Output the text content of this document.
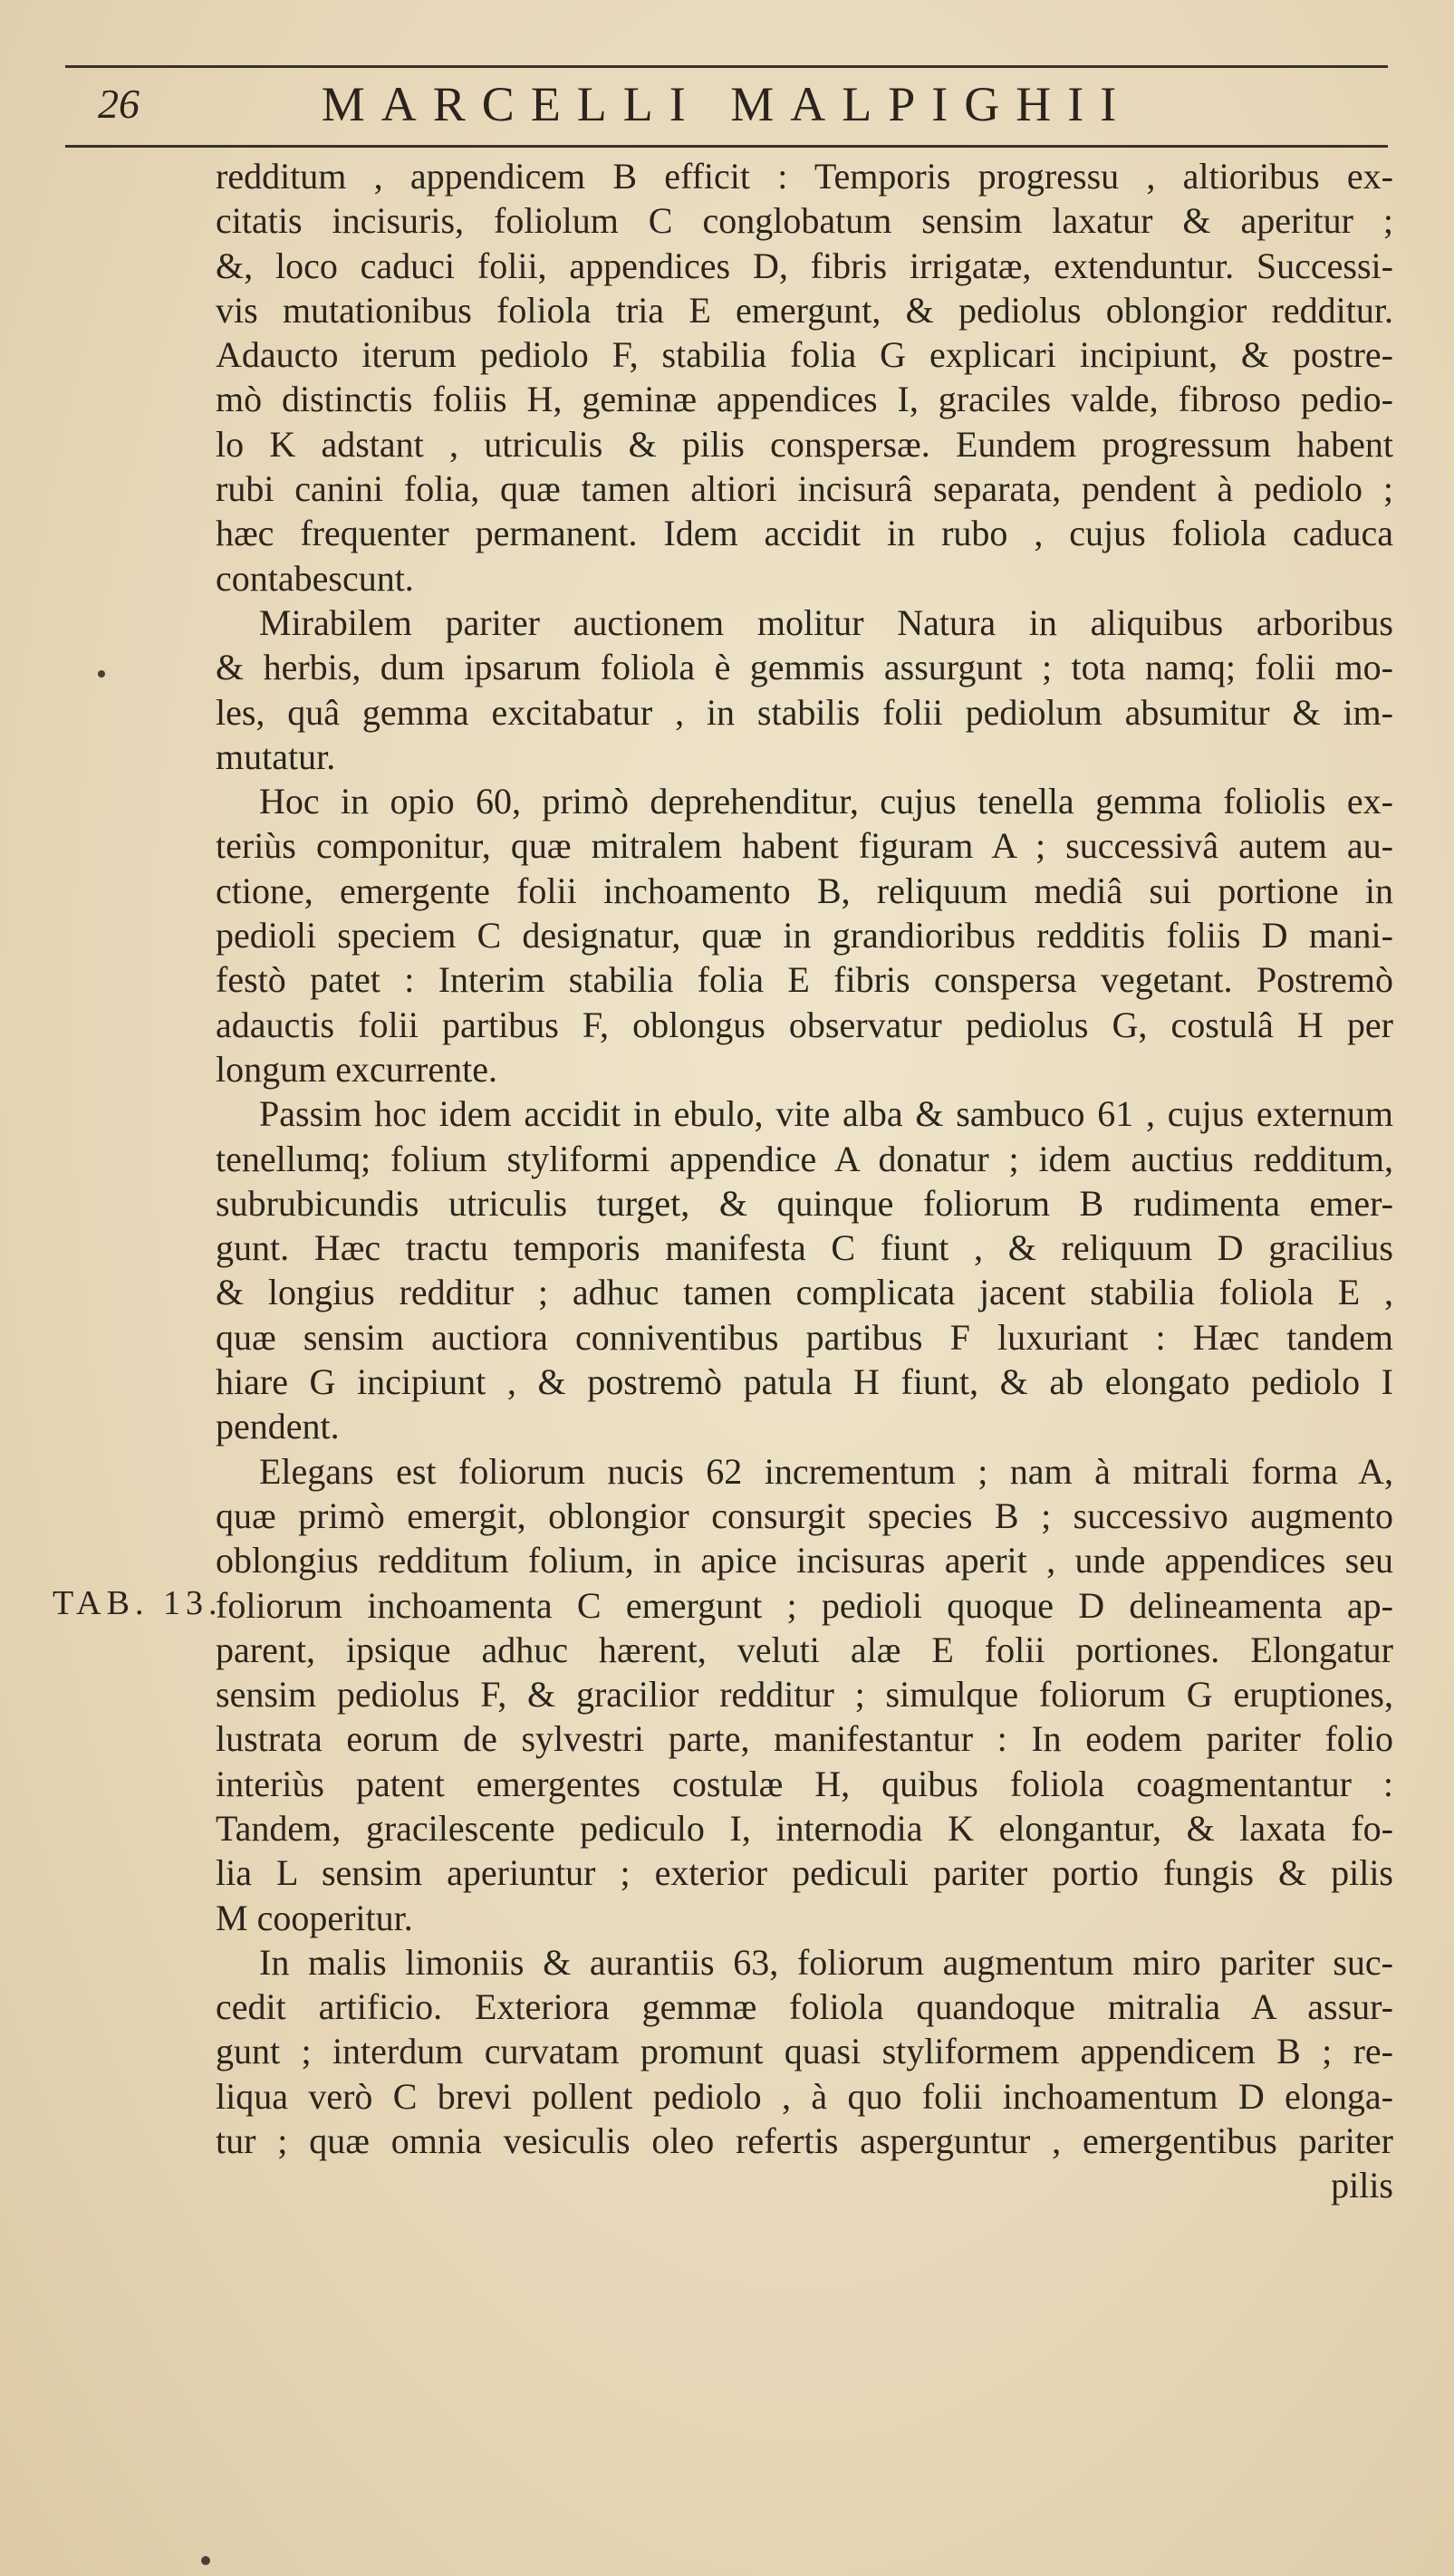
26	MARCELLI MALPIGHII
TAB. 13.
redditum , appendicem B efficit : Temporis progressu , altioribus ex-
citatis incisuris, foliolum C conglobatum sensim laxatur & aperitur ;
&, loco caduci folii, appendices D, fibris irrigatæ, extenduntur. Successi-
vis mutationibus foliola tria E emergunt, & pediolus oblongior redditur.
Adaucto iterum pediolo F, stabilia folia G explicari incipiunt, & postre-
mò distinctis foliis H, geminæ appendices I, graciles valde, fibroso pedio-
lo K adstant , utriculis & pilis conspersæ. Eundem progressum habent
rubi canini folia, quæ tamen altiori incisurâ separata, pendent à pediolo ;
hæc frequenter permanent. Idem accidit in rubo , cujus foliola caduca
contabescunt.
Mirabilem pariter auctionem molitur Natura in aliquibus arboribus
& herbis, dum ipsarum foliola è gemmis assurgunt ; tota namq; folii mo-
les, quâ gemma excitabatur , in stabilis folii pediolum absumitur & im-
mutatur.
Hoc in opio 60, primò deprehenditur, cujus tenella gemma foliolis ex-
teriùs componitur, quæ mitralem habent figuram A ; successivâ autem au-
ctione, emergente folii inchoamento B, reliquum mediâ sui portione in
pedioli speciem C designatur, quæ in grandioribus redditis foliis D mani-
festò patet : Interim stabilia folia E fibris conspersa vegetant. Postremò
adauctis folii partibus F, oblongus observatur pediolus G, costulâ H per
longum excurrente.
Passim hoc idem accidit in ebulo, vite alba & sambuco 61 , cujus externum
tenellumq; folium styliformi appendice A donatur ; idem auctius redditum,
subrubicundis utriculis turget, & quinque foliorum B rudimenta emer-
gunt. Hæc tractu temporis manifesta C fiunt , & reliquum D gracilius
& longius redditur ; adhuc tamen complicata jacent stabilia foliola E ,
quæ sensim auctiora conniventibus partibus F luxuriant : Hæc tandem
hiare G incipiunt , & postremò patula H fiunt, & ab elongato pediolo I
pendent.
Elegans est foliorum nucis 62 incrementum ; nam à mitrali forma A,
quæ primò emergit, oblongior consurgit species B ; successivo augmento
oblongius redditum folium, in apice incisuras aperit , unde appendices seu
foliorum inchoamenta C emergunt ; pedioli quoque D delineamenta ap-
parent, ipsique adhuc hærent, veluti alæ E folii portiones. Elongatur
sensim pediolus F, & gracilior redditur ; simulque foliorum G eruptiones,
lustrata eorum de sylvestri parte, manifestantur : In eodem pariter folio
interiùs patent emergentes costulæ H, quibus foliola coagmentantur :
Tandem, gracilescente pediculo I, internodia K elongantur, & laxata fo-
lia L sensim aperiuntur ; exterior pediculi pariter portio fungis & pilis
M cooperitur.
In malis limoniis & aurantiis 63, foliorum augmentum miro pariter suc-
cedit artificio. Exteriora gemmæ foliola quandoque mitralia A assur-
gunt ; interdum curvatam promunt quasi styliformem appendicem B ; re-
liqua verò C brevi pollent pediolo , à quo folii inchoamentum D elonga-
tur ; quæ omnia vesiculis oleo refertis asperguntur , emergentibus pariter
pilis
